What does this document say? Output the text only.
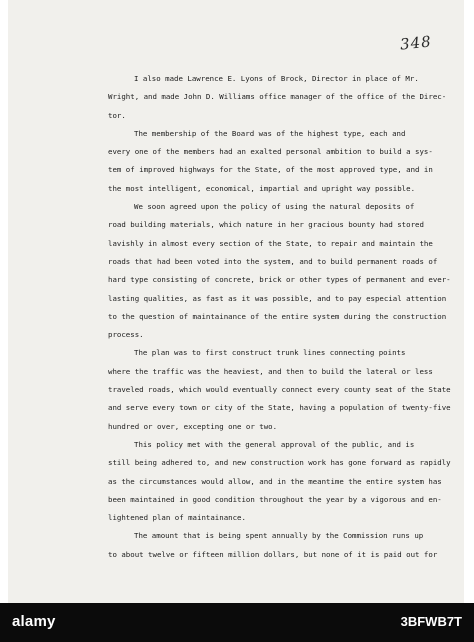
348
I also made Lawrence E. Lyons of Brock, Director in place of Mr.
Wright, and made John D. Williams office manager of the office of the Direc-
tor.
The membership of the Board was of the highest type, each and
every one of the members had an exalted personal ambition to build a sys-
tem of improved highways for the State, of the most approved type, and in
the most intelligent, economical, impartial and upright way possible.
We soon agreed upon the policy of using the natural deposits of
road building materials, which nature in her gracious bounty had stored
lavishly in almost every section of the State, to repair and maintain the
roads that had been voted into the system, and to build permanent roads of
hard type consisting of concrete, brick or other types of permanent and ever-
lasting qualities, as fast as it was possible, and to pay especial attention
to the question of maintainance of the entire system during the construction
process.
The plan was to first construct trunk lines connecting points
where the traffic was the heaviest, and then to build the lateral or less
traveled roads, which would eventually connect every county seat of the State
and serve every town or city of the State, having a population of twenty-five
hundred or over, excepting one or two.
This policy met with the general approval of the public, and is
still being adhered to, and new construction work has gone forward as rapidly
as the circumstances would allow, and in the meantime the entire system has
been maintained in good condition throughout the year by a vigorous and en-
lightened plan of maintainance.
The amount that is being spent annually by the Commission runs up
to about twelve or fifteen million dollars, but none of it is paid out for
alamy	3BFWB7T
